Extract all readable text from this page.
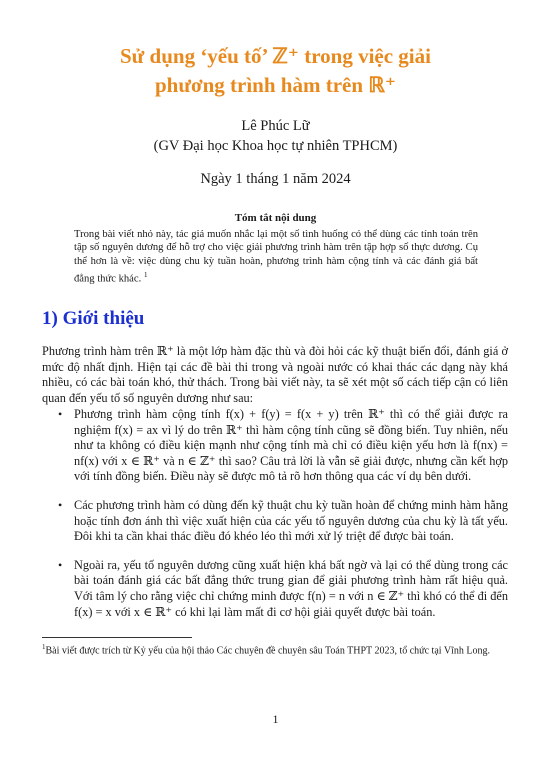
Sử dụng ‘yếu tố’ ℤ⁺ trong việc giải
phương trình hàm trên ℝ⁺
Lê Phúc Lữ
(GV Đại học Khoa học tự nhiên TPHCM)
Ngày 1 tháng 1 năm 2024
Tóm tắt nội dung
Trong bài viết nhỏ này, tác giả muốn nhắc lại một số tình huống có thể dùng các tính toán trên tập số nguyên dương để hỗ trợ cho việc giải phương trình hàm trên tập hợp số thực dương. Cụ thể hơn là về: việc dùng chu kỳ tuần hoàn, phương trình hàm cộng tính và các đánh giá bất đẳng thức khác. $^1$
1) Giới thiệu
Phương trình hàm trên ℝ⁺ là một lớp hàm đặc thù và đòi hỏi các kỹ thuật biến đổi, đánh giá ở mức độ nhất định. Hiện tại các đề bài thi trong và ngoài nước có khai thác các dạng này khá nhiều, có các bài toán khó, thử thách. Trong bài viết này, ta sẽ xét một số cách tiếp cận có liên quan đến yếu tố số nguyên dương như sau:
• Phương trình hàm cộng tính f(x) + f(y) = f(x + y) trên ℝ⁺ thì có thể giải được ra nghiệm f(x) = ax vì lý do trên ℝ⁺ thì hàm cộng tính cũng sẽ đồng biến. Tuy nhiên, nếu như ta không có điều kiện mạnh như cộng tính mà chỉ có điều kiện yếu hơn là f(nx) = nf(x) với x ∈ ℝ⁺ và n ∈ ℤ⁺ thì sao? Câu trả lời là vẫn sẽ giải được, nhưng cần kết hợp với tính đồng biến. Điều này sẽ được mô tả rõ hơn thông qua các ví dụ bên dưới.
• Các phương trình hàm có dùng đến kỹ thuật chu kỳ tuần hoàn để chứng minh hàm hằng hoặc tính đơn ánh thì việc xuất hiện của các yếu tố nguyên dương của chu kỳ là tất yếu. Đôi khi ta cần khai thác điều đó khéo léo thì mới xử lý triệt để được bài toán.
• Ngoài ra, yếu tố nguyên dương cũng xuất hiện khá bất ngờ và lại có thể dùng trong các bài toán đánh giá các bất đẳng thức trung gian để giải phương trình hàm rất hiệu quả. Với tâm lý cho rằng việc chỉ chứng minh được f(n) = n với n ∈ ℤ⁺ thì khó có thể đi đến f(x) = x với x ∈ ℝ⁺ có khi lại làm mất đi cơ hội giải quyết được bài toán.
$^1$Bài viết được trích từ Kỷ yếu của hội thảo Các chuyên đề chuyên sâu Toán THPT 2023, tổ chức tại Vĩnh Long.
1
